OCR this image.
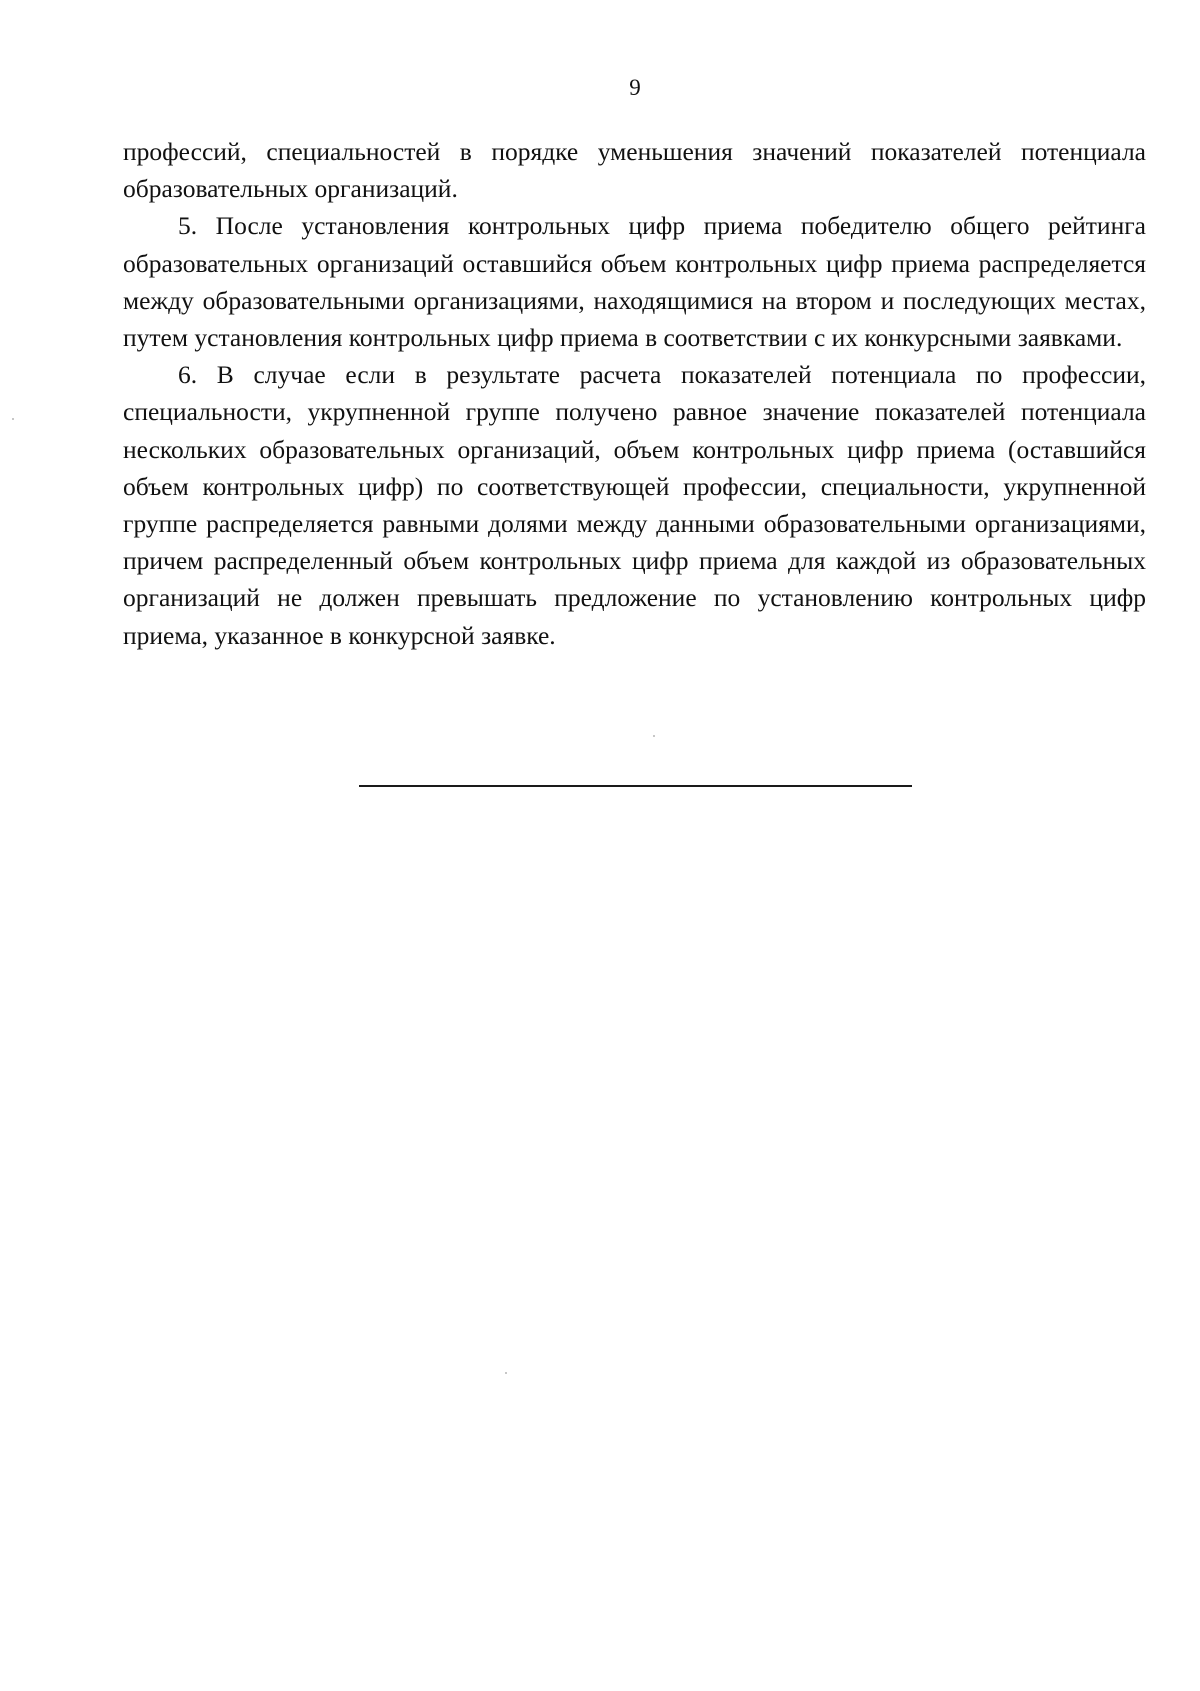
9

профессий, специальностей в порядке уменьшения значений показателей потенциала образовательных организаций.

5. После установления контрольных цифр приема победителю общего рейтинга образовательных организаций оставшийся объем контрольных цифр приема распределяется между образовательными организациями, находящимися на втором и последующих местах, путем установления контрольных цифр приема в соответствии с их конкурсными заявками.

6. В случае если в результате расчета показателей потенциала по профессии, специальности, укрупненной группе получено равное значение показателей потенциала нескольких образовательных организаций, объем контрольных цифр приема (оставшийся объем контрольных цифр) по соответствующей профессии, специальности, укрупненной группе распределяется равными долями между данными образовательными организациями, причем распределенный объем контрольных цифр приема для каждой из образовательных организаций не должен превышать предложение по установлению контрольных цифр приема, указанное в конкурсной заявке.
